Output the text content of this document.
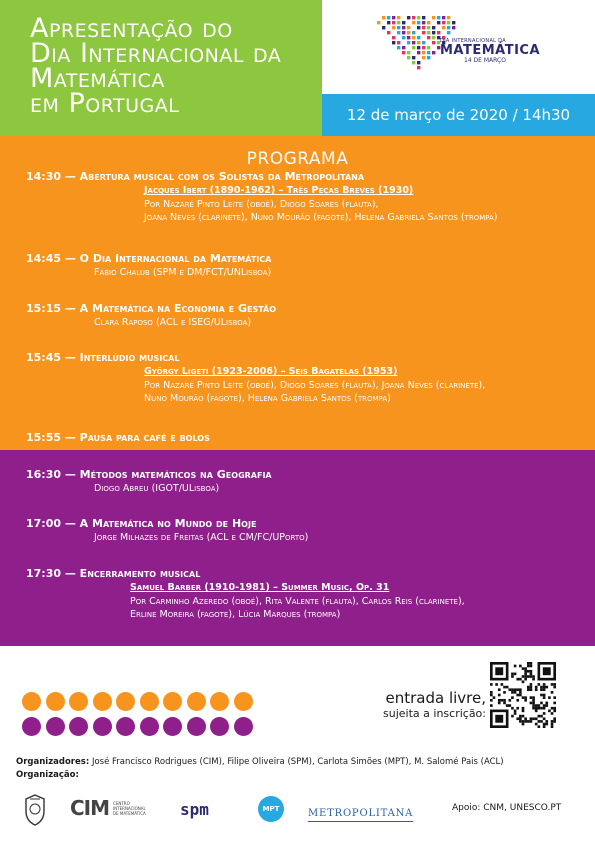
Apresentação do
Dia Internacional da
Matemática
em Portugal
DIA INTERNACIONAL DA
MATEMÁTICA
14 DE MARÇO
12 de março de 2020 / 14h30
PROGRAMA
14:30 — Abertura musical com os Solistas da Metropolitana
Jacques Ibert (1890-1962) – Três Peças Breves (1930)
Por Nazaré Pinto Leite (oboé), Diogo Soares (flauta),
Joana Neves (clarinete), Nuno Mourão (fagote), Helena Gabriela Santos (trompa)
14:45 — O Dia Internacional da Matemática
Fábio Chalub (SPM e DM/FCT/UNLisboa)
15:15 — A Matemática na Economia e Gestão
Clara Raposo (ACL e ISEG/ULisboa)
15:45 — Interlúdio musical
György Ligeti (1923-2006) – Seis Bagatelas (1953)
Por Nazaré Pinto Leite (oboé), Diogo Soares (flauta), Joana Neves (clarinete),
Nuno Mourão (fagote), Helena Gabriela Santos (trompa)
15:55 — Pausa para café e bolos
16:30 — Métodos matemáticos na Geografia
Diogo Abreu (IGOT/ULisboa)
17:00 — A Matemática no Mundo de Hoje
Jorge Milhazes de Freitas (ACL e CM/FC/UPorto)
17:30 — Encerramento musical
Samuel Barber (1910-1981) – Summer Music, Op. 31
Por Carminho Azeredo (oboé), Rita Valente (flauta), Carlos Reis (clarinete),
Erline Moreira (fagote), Lúcia Marques (trompa)
entrada livre,
sujeita a inscrição:
Organizadores: José Francisco Rodrigues (CIM), Filipe Oliveira (SPM), Carlota Simões (MPT), M. Salomé Pais (ACL)
Organização:
CIM CENTRO INTERNACIONAL DE MATEMÁTICA	spm	MPT	METROPOLITANA	Apoio: CNM, UNESCO.PT
